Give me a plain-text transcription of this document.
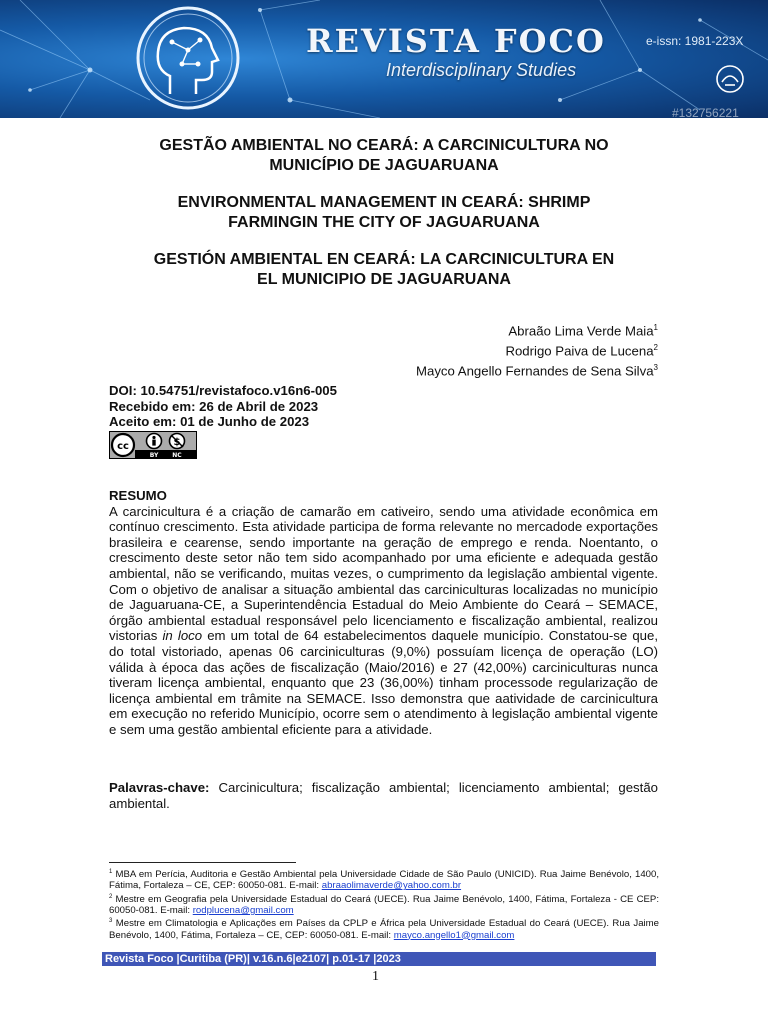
REVISTA FOCO
Interdisciplinary Studies
e-issn: 1981-223X
#132756221
GESTÃO AMBIENTAL NO CEARÁ: A CARCINICULTURA NO
MUNICÍPIO DE JAGUARUANA
ENVIRONMENTAL MANAGEMENT IN CEARÁ: SHRIMP
FARMINGIN THE CITY OF JAGUARUANA
GESTIÓN AMBIENTAL EN CEARÁ: LA CARCINICULTURA EN
EL MUNICIPIO DE JAGUARUANA
Abraão Lima Verde Maia$^1$
Rodrigo Paiva de Lucena$^2$
Mayco Angello Fernandes de Sena Silva$^3$
DOI: 10.54751/revistafoco.v16n6-005
Recebido em: 26 de Abril de 2023
Aceito em: 01 de Junho de 2023
cc	$
BY NC
RESUMO

A carcinicultura é a criação de camarão em cativeiro, sendo uma atividade econômica em contínuo crescimento. Esta atividade participa de forma relevante no mercadode exportações brasileira e cearense, sendo importante na geração de emprego e renda. Noentanto, o crescimento deste setor não tem sido acompanhado por uma eficiente e adequada gestão ambiental, não se verificando, muitas vezes, o cumprimento da legislação ambiental vigente. Com o objetivo de analisar a situação ambiental das carciniculturas localizadas no município de Jaguaruana-CE, a Superintendência Estadual do Meio Ambiente do Ceará – SEMACE, órgão ambiental estadual responsável pelo licenciamento e fiscalização ambiental, realizou vistorias in loco em um total de 64 estabelecimentos daquele município. Constatou-se que, do total vistoriado, apenas 06 carciniculturas (9,0%) possuíam licença de operação (LO) válida à época das ações de fiscalização (Maio/2016) e 27 (42,00%) carciniculturas nunca tiveram licença ambiental, enquanto que 23 (36,00%) tinham processode regularização de licença ambiental em trâmite na SEMACE. Isso demonstra que aatividade de carcinicultura em execução no referido Município, ocorre sem o atendimento à legislação ambiental vigente e sem uma gestão ambiental eficiente para a atividade.

Palavras-chave: Carcinicultura; fiscalização ambiental; licenciamento ambiental; gestão ambiental.

$^1$ MBA em Perícia, Auditoria e Gestão Ambiental pela Universidade Cidade de São Paulo (UNICID). Rua Jaime Benévolo, 1400, Fátima, Fortaleza – CE, CEP: 60050-081. E-mail: abraaolimaverde@yahoo.com.br

$^2$ Mestre em Geografia pela Universidade Estadual do Ceará (UECE). Rua Jaime Benévolo, 1400, Fátima, Fortaleza - CE CEP: 60050-081. E-mail: rodplucena@gmail.com

$^3$ Mestre em Climatologia e Aplicações em Países da CPLP e África pela Universidade Estadual do Ceará (UECE). Rua Jaime Benévolo, 1400, Fátima, Fortaleza – CE, CEP: 60050-081. E-mail: mayco.angello1@gmail.com

Revista Foco |Curitiba (PR)| v.16.n.6|e2107| p.01-17 |2023
1
